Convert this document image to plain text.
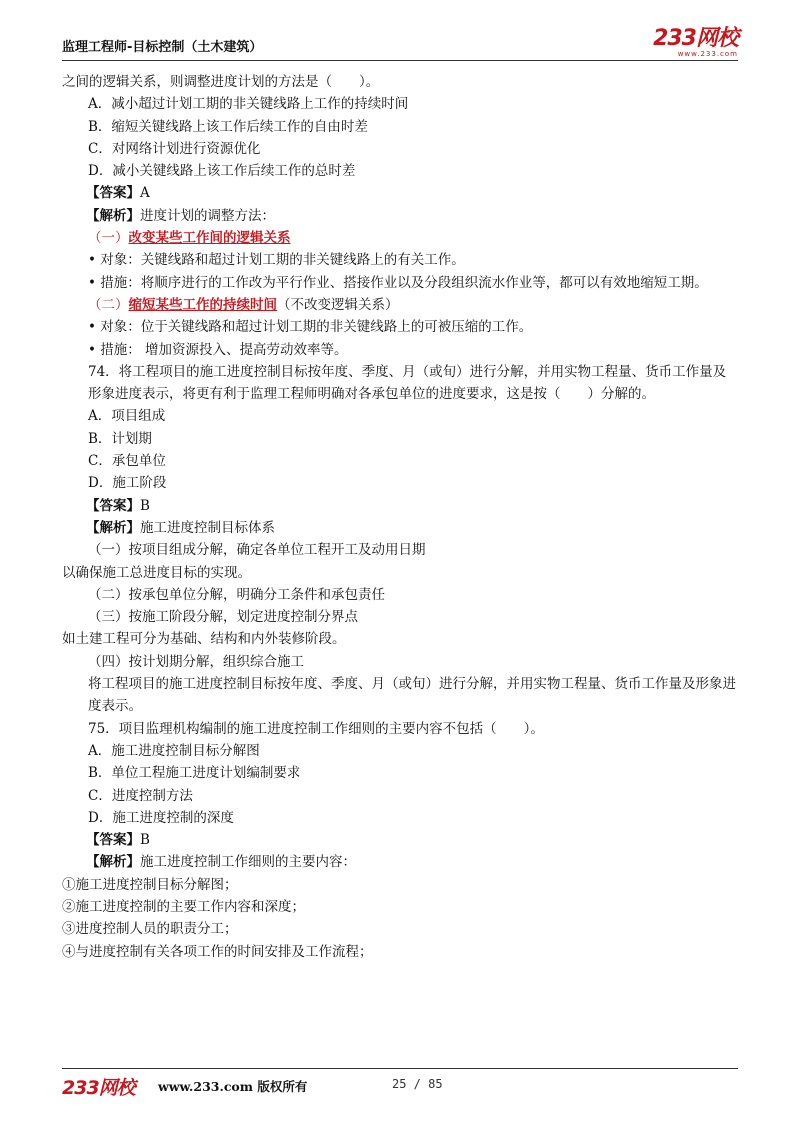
监理工程师-目标控制（土木建筑）	233网校
www.233.com
之间的逻辑关系，则调整进度计划的方法是（　　）。
A．减小超过计划工期的非关键线路上工作的持续时间
B．缩短关键线路上该工作后续工作的自由时差
C．对网络计划进行资源优化
D．减小关键线路上该工作后续工作的总时差
【答案】A
【解析】进度计划的调整方法：
（一）改变某些工作间的逻辑关系
• 对象：关键线路和超过计划工期的非关键线路上的有关工作。
• 措施：将顺序进行的工作改为平行作业、搭接作业以及分段组织流水作业等，都可以有效地缩短工期。
（二）缩短某些工作的持续时间（不改变逻辑关系）
• 对象：位于关键线路和超过计划工期的非关键线路上的可被压缩的工作。
• 措施： 增加资源投入、提高劳动效率等。
74．将工程项目的施工进度控制目标按年度、季度、月（或旬）进行分解，并用实物工程量、货币工作量及形象进度表示，将更有利于监理工程师明确对各承包单位的进度要求，这是按（　　）分解的。
A．项目组成
B．计划期
C．承包单位
D．施工阶段
【答案】B
【解析】施工进度控制目标体系
（一）按项目组成分解，确定各单位工程开工及动用日期
以确保施工总进度目标的实现。
（二）按承包单位分解，明确分工条件和承包责任
（三）按施工阶段分解，划定进度控制分界点
如土建工程可分为基础、结构和内外装修阶段。
（四）按计划期分解，组织综合施工
将工程项目的施工进度控制目标按年度、季度、月（或旬）进行分解，并用实物工程量、货币工作量及形象进度表示。
75．项目监理机构编制的施工进度控制工作细则的主要内容不包括（　　）。
A．施工进度控制目标分解图
B．单位工程施工进度计划编制要求
C．进度控制方法
D．施工进度控制的深度
【答案】B
【解析】施工进度控制工作细则的主要内容：
①施工进度控制目标分解图；
②施工进度控制的主要工作内容和深度；
③进度控制人员的职责分工；
④与进度控制有关各项工作的时间安排及工作流程；
233网校 www.233.com 版权所有	25 / 85
